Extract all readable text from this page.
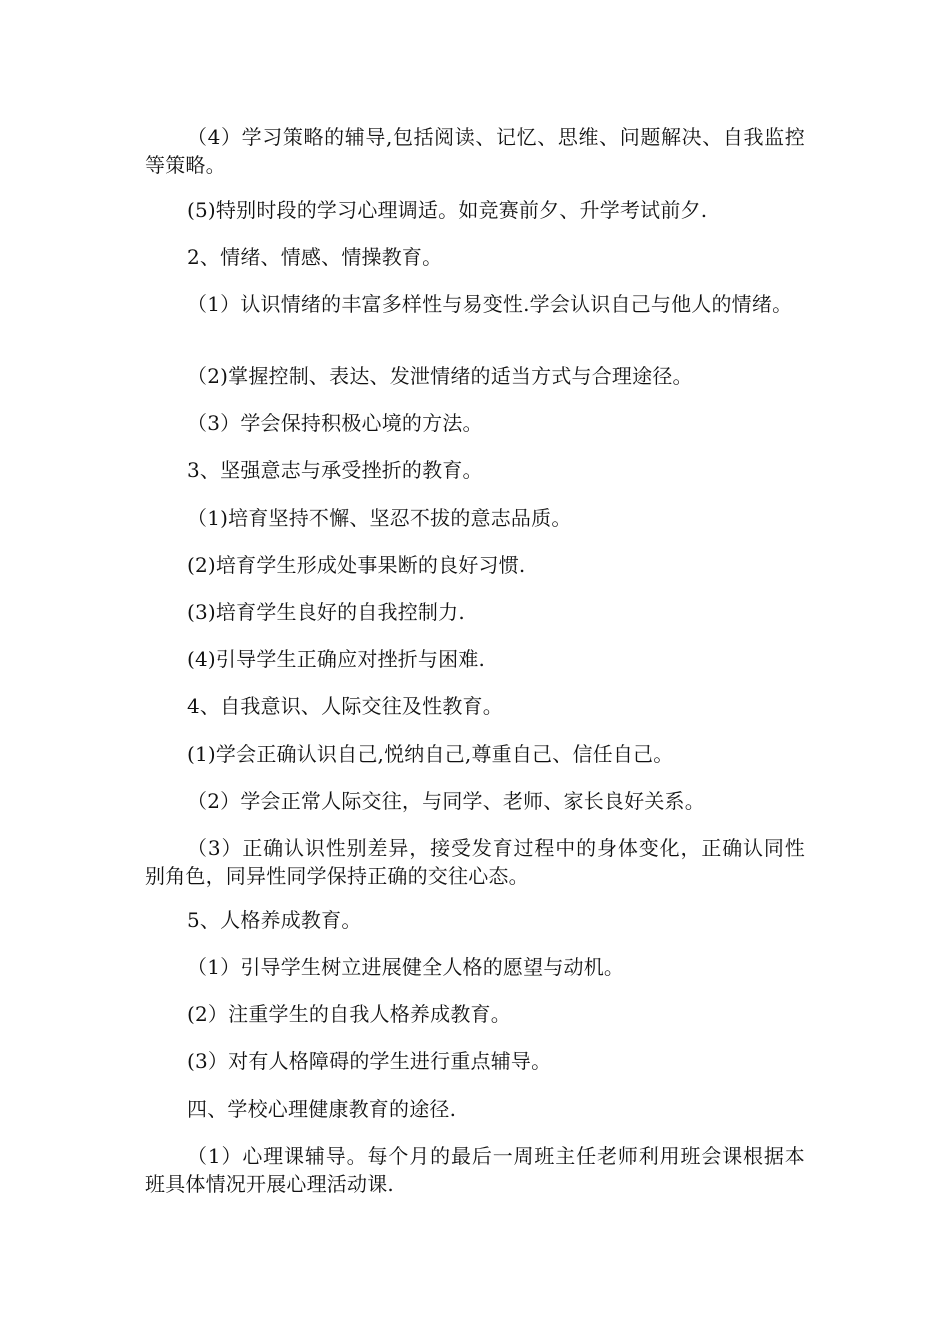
（4）学习策略的辅导,包括阅读、记忆、思维、问题解决、自我监控等策略。

(5)特别时段的学习心理调适。如竞赛前夕、升学考试前夕.

2、情绪、情感、情操教育。

（1）认识情绪的丰富多样性与易变性.学会认识自己与他人的情绪。

（2)掌握控制、表达、发泄情绪的适当方式与合理途径。

（3）学会保持积极心境的方法。

3、坚强意志与承受挫折的教育。

（1)培育坚持不懈、坚忍不拔的意志品质。

(2)培育学生形成处事果断的良好习惯.

(3)培育学生良好的自我控制力.

(4)引导学生正确应对挫折与困难.

4、自我意识、人际交往及性教育。

(1)学会正确认识自己,悦纳自己,尊重自己、信任自己。

（2）学会正常人际交往，与同学、老师、家长良好关系。

（3）正确认识性别差异，接受发育过程中的身体变化，正确认同性别角色，同异性同学保持正确的交往心态。

5、人格养成教育。

（1）引导学生树立进展健全人格的愿望与动机。

(2）注重学生的自我人格养成教育。

(3）对有人格障碍的学生进行重点辅导。

四、学校心理健康教育的途径.

（1）心理课辅导。每个月的最后一周班主任老师利用班会课根据本班具体情况开展心理活动课.
